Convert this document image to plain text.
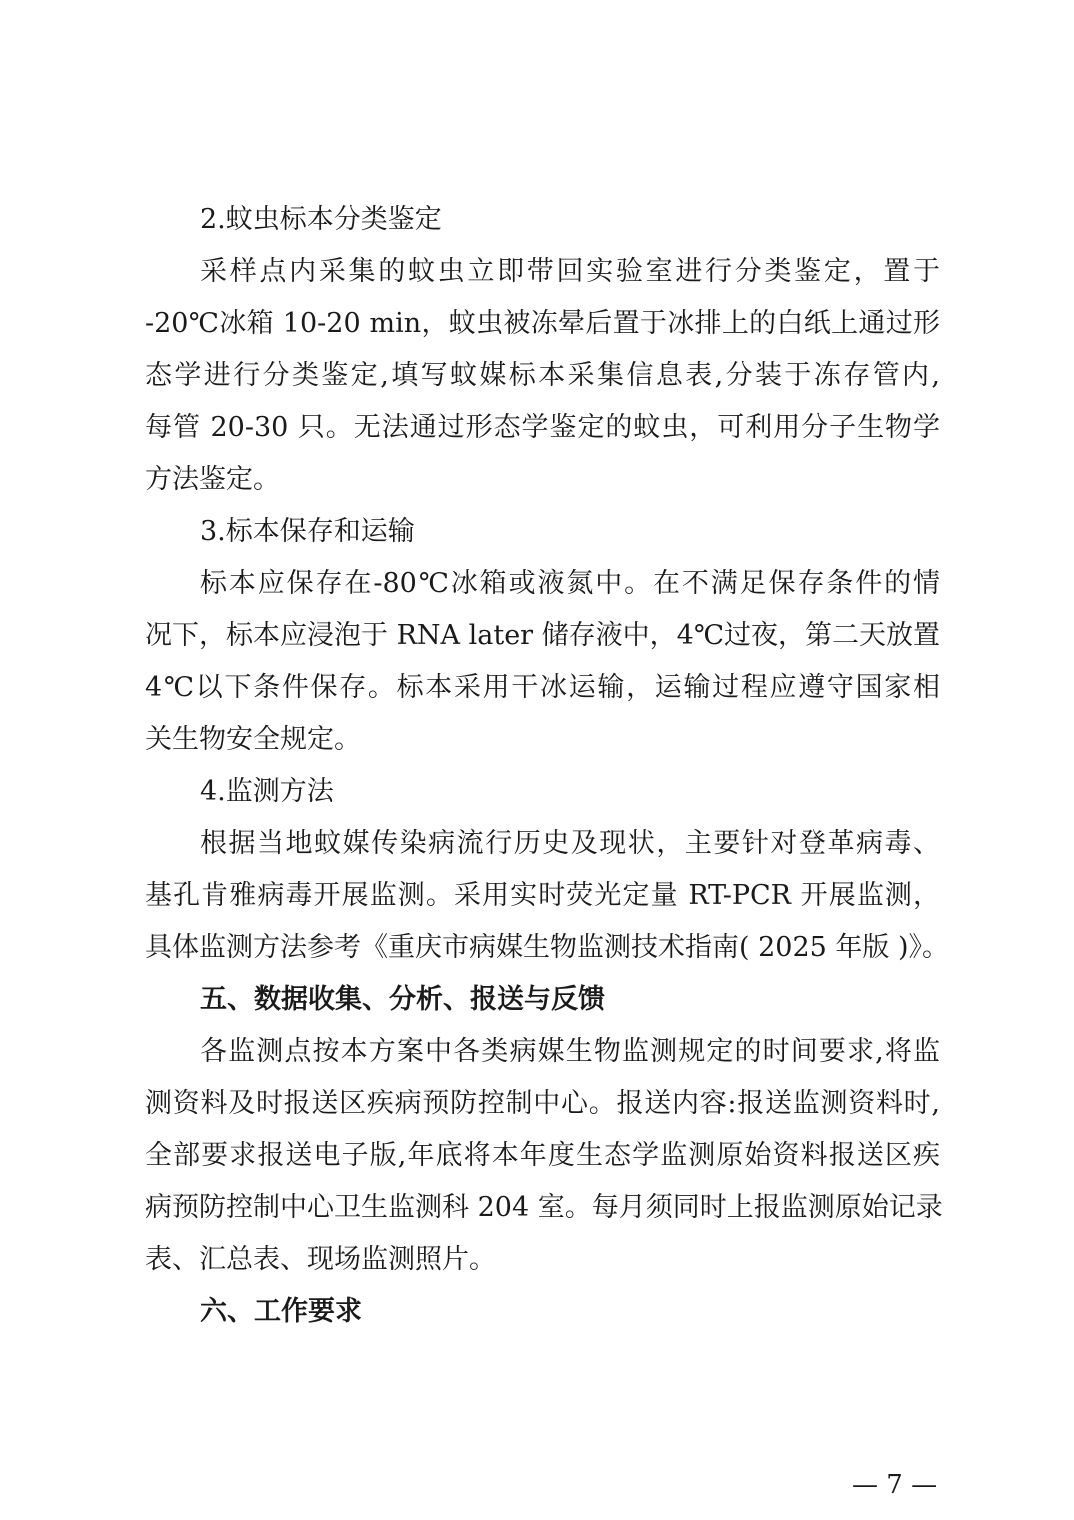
2.蚊虫标本分类鉴定
采样点内采集的蚊虫立即带回实验室进行分类鉴定，置于
-20℃冰箱 10-20 min，蚊虫被冻晕后置于冰排上的白纸上通过形
态学进行分类鉴定,填写蚊媒标本采集信息表,分装于冻存管内,
每管 20-30 只。无法通过形态学鉴定的蚊虫，可利用分子生物学
方法鉴定。
3.标本保存和运输
标本应保存在-80℃冰箱或液氮中。在不满足保存条件的情
况下，标本应浸泡于 RNA later 储存液中，4℃过夜，第二天放置
4℃以下条件保存。标本采用干冰运输，运输过程应遵守国家相
关生物安全规定。
4.监测方法
根据当地蚊媒传染病流行历史及现状，主要针对登革病毒、
基孔肯雅病毒开展监测。采用实时荧光定量 RT-PCR 开展监测，
具体监测方法参考《重庆市病媒生物监测技术指南( 2025 年版 )》。
五、数据收集、分析、报送与反馈
各监测点按本方案中各类病媒生物监测规定的时间要求,将监
测资料及时报送区疾病预防控制中心。报送内容:报送监测资料时,
全部要求报送电子版,年底将本年度生态学监测原始资料报送区疾
病预防控制中心卫生监测科 204 室。每月须同时上报监测原始记录
表、汇总表、现场监测照片。
六、工作要求
— 7 —
